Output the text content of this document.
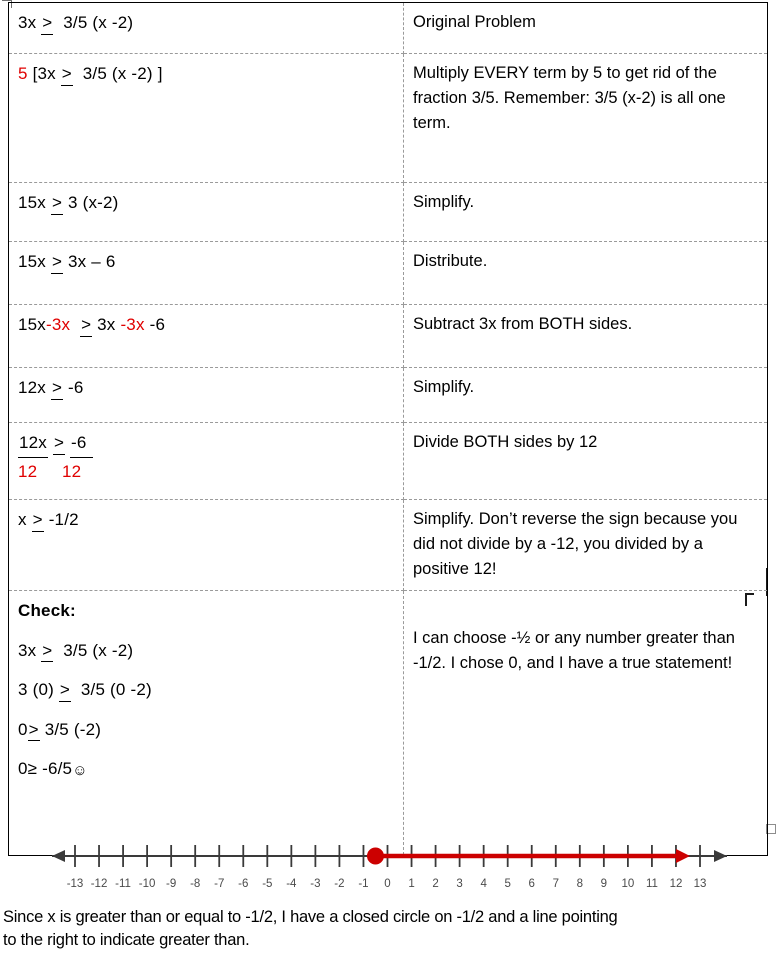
3x >  3/5 (x -2)	Original Problem

5 [3x >  3/5 (x -2) ]	Multiply EVERY term by 5 to get rid of the fraction 3/5. Remember: 3/5 (x-2) is all one term.

15x > 3 (x-2)	Simplify.

15x > 3x – 6	Distribute.

15x-3x > 3x -3x -6	Subtract 3x from BOTH sides.

12x > -6	Simplify.

12x > -6
12 12	Divide BOTH sides by 12

x > -1/2	Simplify. Don’t reverse the sign because you did not divide by a -12, you divided by a positive 12!

Check:
3x >  3/5 (x -2)
3 (0) >  3/5 (0 -2)
0> 3/5 (-2)
0≥ -6/5☺	I can choose -½ or any number greater than -1/2. I chose 0, and I have a true statement!
-13 -12 -11 -10 -9 -8 -7 -6 -5 -4 -3 -2 -1 0 1 2 3 4 5 6 7 8 9 10 11 12 13
Since x is greater than or equal to -1/2, I have a closed circle on -1/2 and a line pointing
to the right to indicate greater than.
